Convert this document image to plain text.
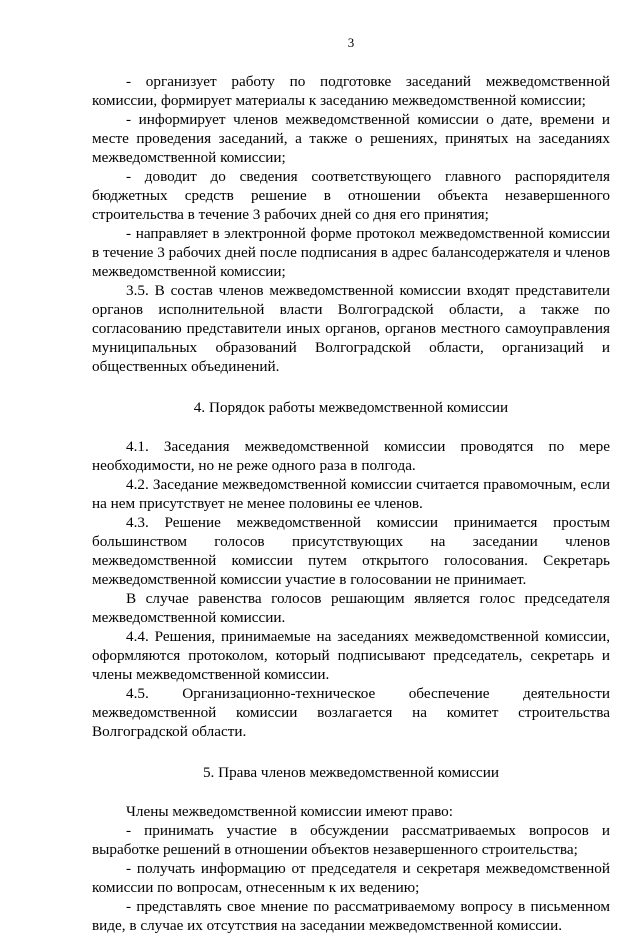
3

- организует работу по подготовке заседаний межведомственной комиссии, формирует материалы к заседанию межведомственной комиссии;

- информирует членов межведомственной комиссии о дате, времени и месте проведения заседаний, а также о решениях, принятых на заседаниях межведомственной комиссии;

- доводит до сведения соответствующего главного распорядителя бюджетных средств решение в отношении объекта незавершенного строительства в течение 3 рабочих дней со дня его принятия;

- направляет в электронной форме протокол межведомственной комиссии в течение 3 рабочих дней после подписания в адрес балансодержателя и членов межведомственной комиссии;

3.5. В состав членов межведомственной комиссии входят представители органов исполнительной власти Волгоградской области, а также по согласованию представители иных органов, органов местного самоуправления муниципальных образований Волгоградской области, организаций и общественных объединений.

4. Порядок работы межведомственной комиссии

4.1. Заседания межведомственной комиссии проводятся по мере необходимости, но не реже одного раза в полгода.

4.2. Заседание межведомственной комиссии считается правомочным, если на нем присутствует не менее половины ее членов.

4.3. Решение межведомственной комиссии принимается простым большинством голосов присутствующих на заседании членов межведомственной комиссии путем открытого голосования. Секретарь межведомственной комиссии участие в голосовании не принимает.

В случае равенства голосов решающим является голос председателя межведомственной комиссии.

4.4. Решения, принимаемые на заседаниях межведомственной комиссии, оформляются протоколом, который подписывают председатель, секретарь и члены межведомственной комиссии.

4.5. Организационно-техническое обеспечение деятельности межведомственной комиссии возлагается на комитет строительства Волгоградской области.

5. Права членов межведомственной комиссии

Члены межведомственной комиссии имеют право:

- принимать участие в обсуждении рассматриваемых вопросов и выработке решений в отношении объектов незавершенного строительства;

- получать информацию от председателя и секретаря межведомственной комиссии по вопросам, отнесенным к их ведению;

- представлять свое мнение по рассматриваемому вопросу в письменном виде, в случае их отсутствия на заседании межведомственной комиссии.
